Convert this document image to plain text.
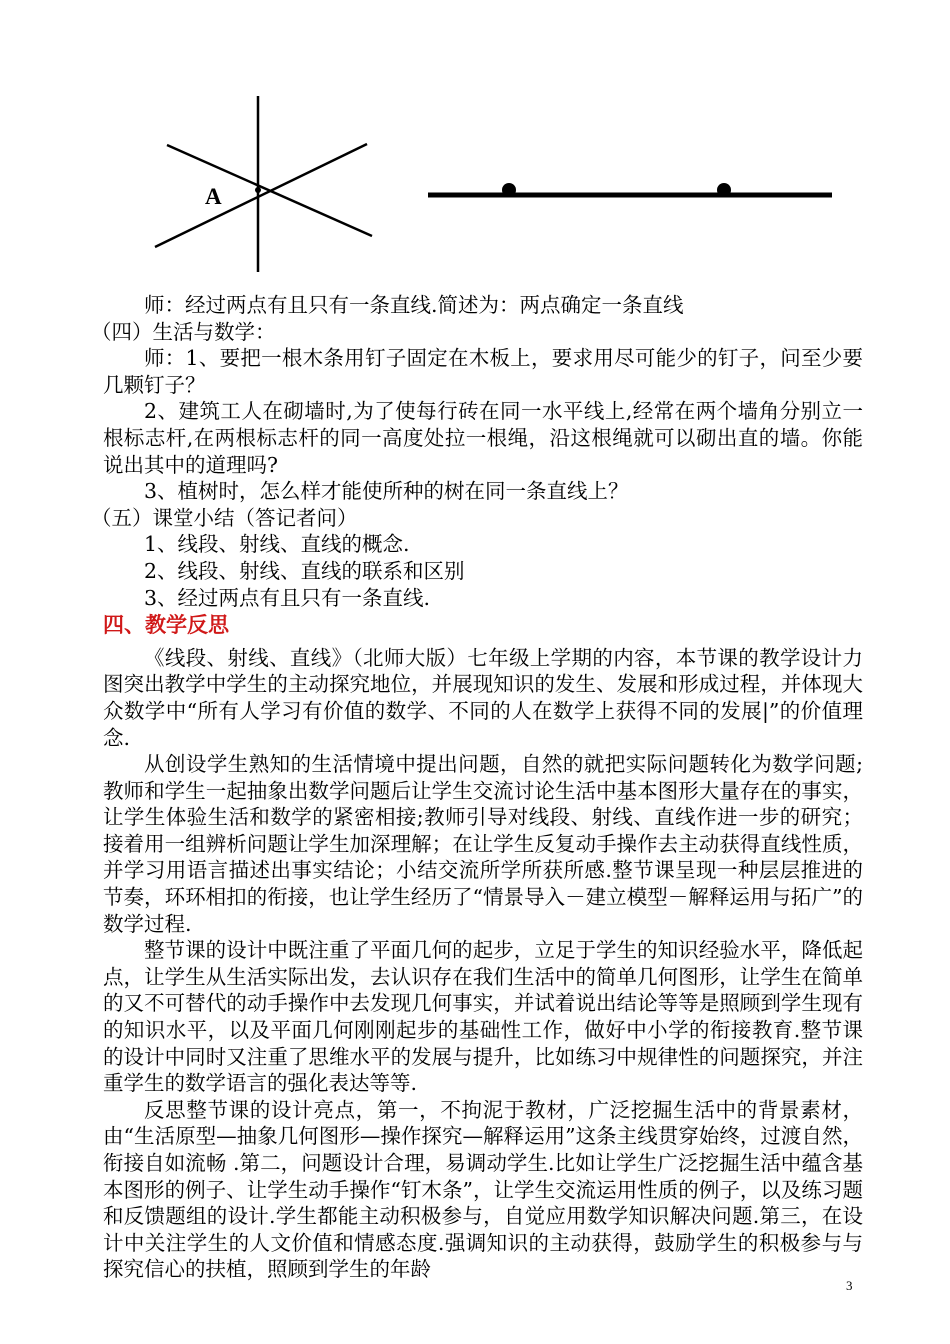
A

师：经过两点有且只有一条直线.简述为：两点确定一条直线

（四）生活与数学：

师：1、要把一根木条用钉子固定在木板上，要求用尽可能少的钉子，问至少要几颗钉子？

2、建筑工人在砌墙时,为了使每行砖在同一水平线上,经常在两个墙角分别立一根标志杆,在两根标志杆的同一高度处拉一根绳，沿这根绳就可以砌出直的墙。你能说出其中的道理吗?

3、植树时，怎么样才能使所种的树在同一条直线上？

（五）课堂小结（答记者问）

1、线段、射线、直线的概念.

2、线段、射线、直线的联系和区别

3、经过两点有且只有一条直线.

四、教学反思

《线段、射线、直线》（北师大版）七年级上学期的内容，本节课的教学设计力图突出教学中学生的主动探究地位，并展现知识的发生、发展和形成过程，并体现大众数学中“所有人学习有价值的数学、不同的人在数学上获得不同的发展|”的价值理念.

从创设学生熟知的生活情境中提出问题，自然的就把实际问题转化为数学问题;教师和学生一起抽象出数学问题后让学生交流讨论生活中基本图形大量存在的事实，让学生体验生活和数学的紧密相接;教师引导对线段、射线、直线作进一步的研究；接着用一组辨析问题让学生加深理解；在让学生反复动手操作去主动获得直线性质，并学习用语言描述出事实结论；小结交流所学所获所感.整节课呈现一种层层推进的节奏，环环相扣的衔接，也让学生经历了“情景导入－建立模型－解释运用与拓广”的数学过程.

整节课的设计中既注重了平面几何的起步，立足于学生的知识经验水平，降低起点，让学生从生活实际出发，去认识存在我们生活中的简单几何图形，让学生在简单的又不可替代的动手操作中去发现几何事实，并试着说出结论等等是照顾到学生现有的知识水平，以及平面几何刚刚起步的基础性工作，做好中小学的衔接教育.整节课的设计中同时又注重了思维水平的发展与提升，比如练习中规律性的问题探究，并注重学生的数学语言的强化表达等等.

反思整节课的设计亮点，第一，不拘泥于教材，广泛挖掘生活中的背景素材，由“生活原型—抽象几何图形—操作探究—解释运用”这条主线贯穿始终，过渡自然，衔接自如流畅 .第二，问题设计合理，易调动学生.比如让学生广泛挖掘生活中蕴含基本图形的例子、让学生动手操作“钉木条”，让学生交流运用性质的例子，以及练习题和反馈题组的设计.学生都能主动积极参与，自觉应用数学知识解决问题.第三，在设计中关注学生的人文价值和情感态度.强调知识的主动获得，鼓励学生的积极参与与探究信心的扶植，照顾到学生的年龄

3
